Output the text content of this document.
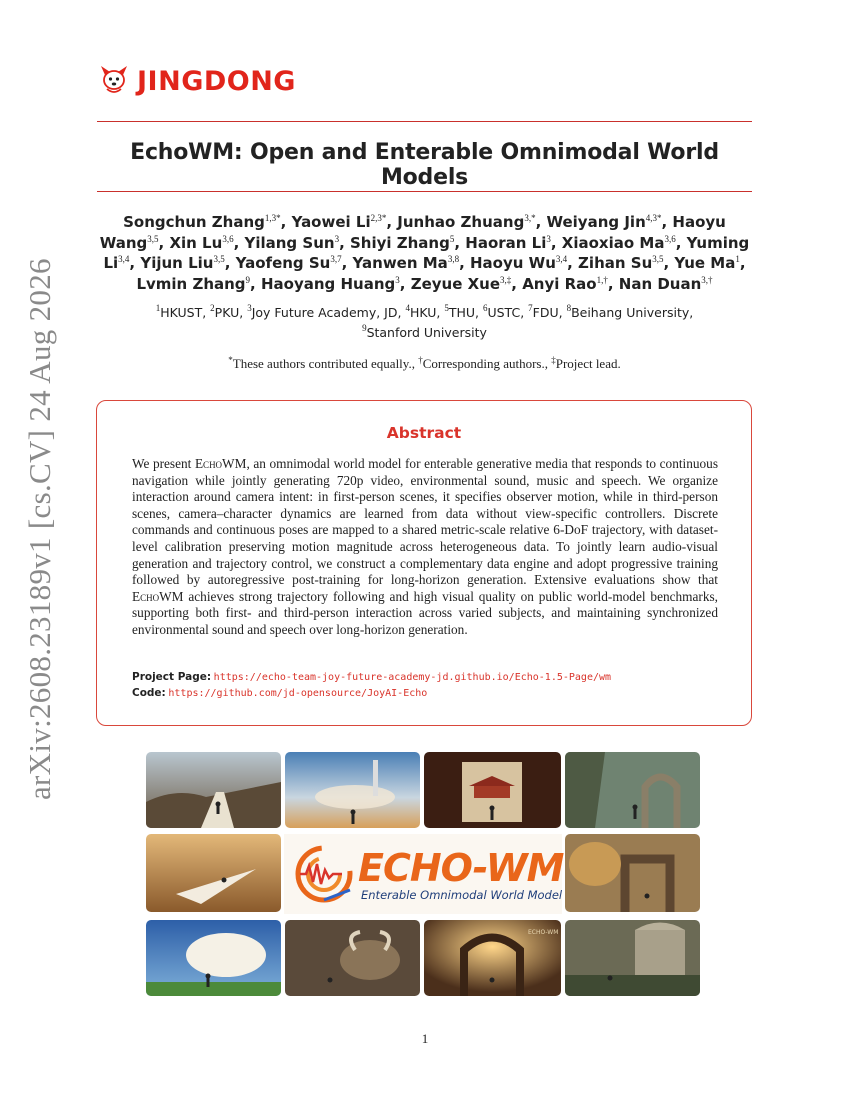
arXiv:2608.23189v1 [cs.CV] 24 Aug 2026
JINGDONG
EchoWM: Open and Enterable Omnimodal World Models
Songchun Zhang$^{1,3*}$, Yaowei $Li^{2,3*}$, Junhao Zhuang$^{3,*}$, Weiyang Jin$^{4,3*}$, Haoyu
Wang$^{3,5}$, Xin Lu$^{3,6}$, Yilang Sun$^3$, Shiyi Zhang$^5$, Haoran Li$^3$, Xiaoxiao Ma$^{3,6}$, Yuming
Li$^{3,4}$, Yijun Liu$^{3,5}$, Yaofeng Su$^{3,7}$, Yanwen Ma$^{3,8}$, Haoyu Wu$^{3,4}$, Zihan Su$^{3,5}$, Yue Ma$^1$,
Lvmin Zhang$^9$, Haoyang Huang$^3$, Zeyue Xue$^{3,\ddagger}$, Anyi Rao$^{1,\dagger}$, Nan Duan$^{3,\dagger}$
$^1$HKUST, $^2$PKU, $^3$Joy Future Academy, JD, $^4$HKU, $^5$THU, $^6$USTC, $^7$FDU, $^8$Beihang University,
$^9$Stanford University
*These authors contributed equally., †Corresponding authors., ‡Project lead.
Abstract
We present EchoWM, an omnimodal world model for enterable generative media that responds to continuous navigation while jointly generating 720p video, environmental sound, music and speech. We organize interaction around camera intent: in first-person scenes, it specifies observer motion, while in third-person scenes, camera–character dynamics are learned from data without view-specific controllers. Discrete commands and continuous poses are mapped to a shared metric-scale relative 6-DoF trajectory, with dataset-level calibration preserving motion magnitude across heterogeneous data. To jointly learn audio-visual generation and trajectory control, we construct a complementary data engine and adopt progressive training followed by autoregressive post-training for long-horizon generation. Extensive evaluations show that EchoWM achieves strong trajectory following and high visual quality on public world-model benchmarks, supporting both first- and third-person interaction across varied subjects, and maintaining synchronized environmental sound and speech over long-horizon generation.
Project Page: https://echo-team-joy-future-academy-jd.github.io/Echo-1.5-Page/wm
Code: https://github.com/jd-opensource/JoyAI-Echo
ECHO-WM
Enterable Omnimodal World Model
ECHO-WM
1
